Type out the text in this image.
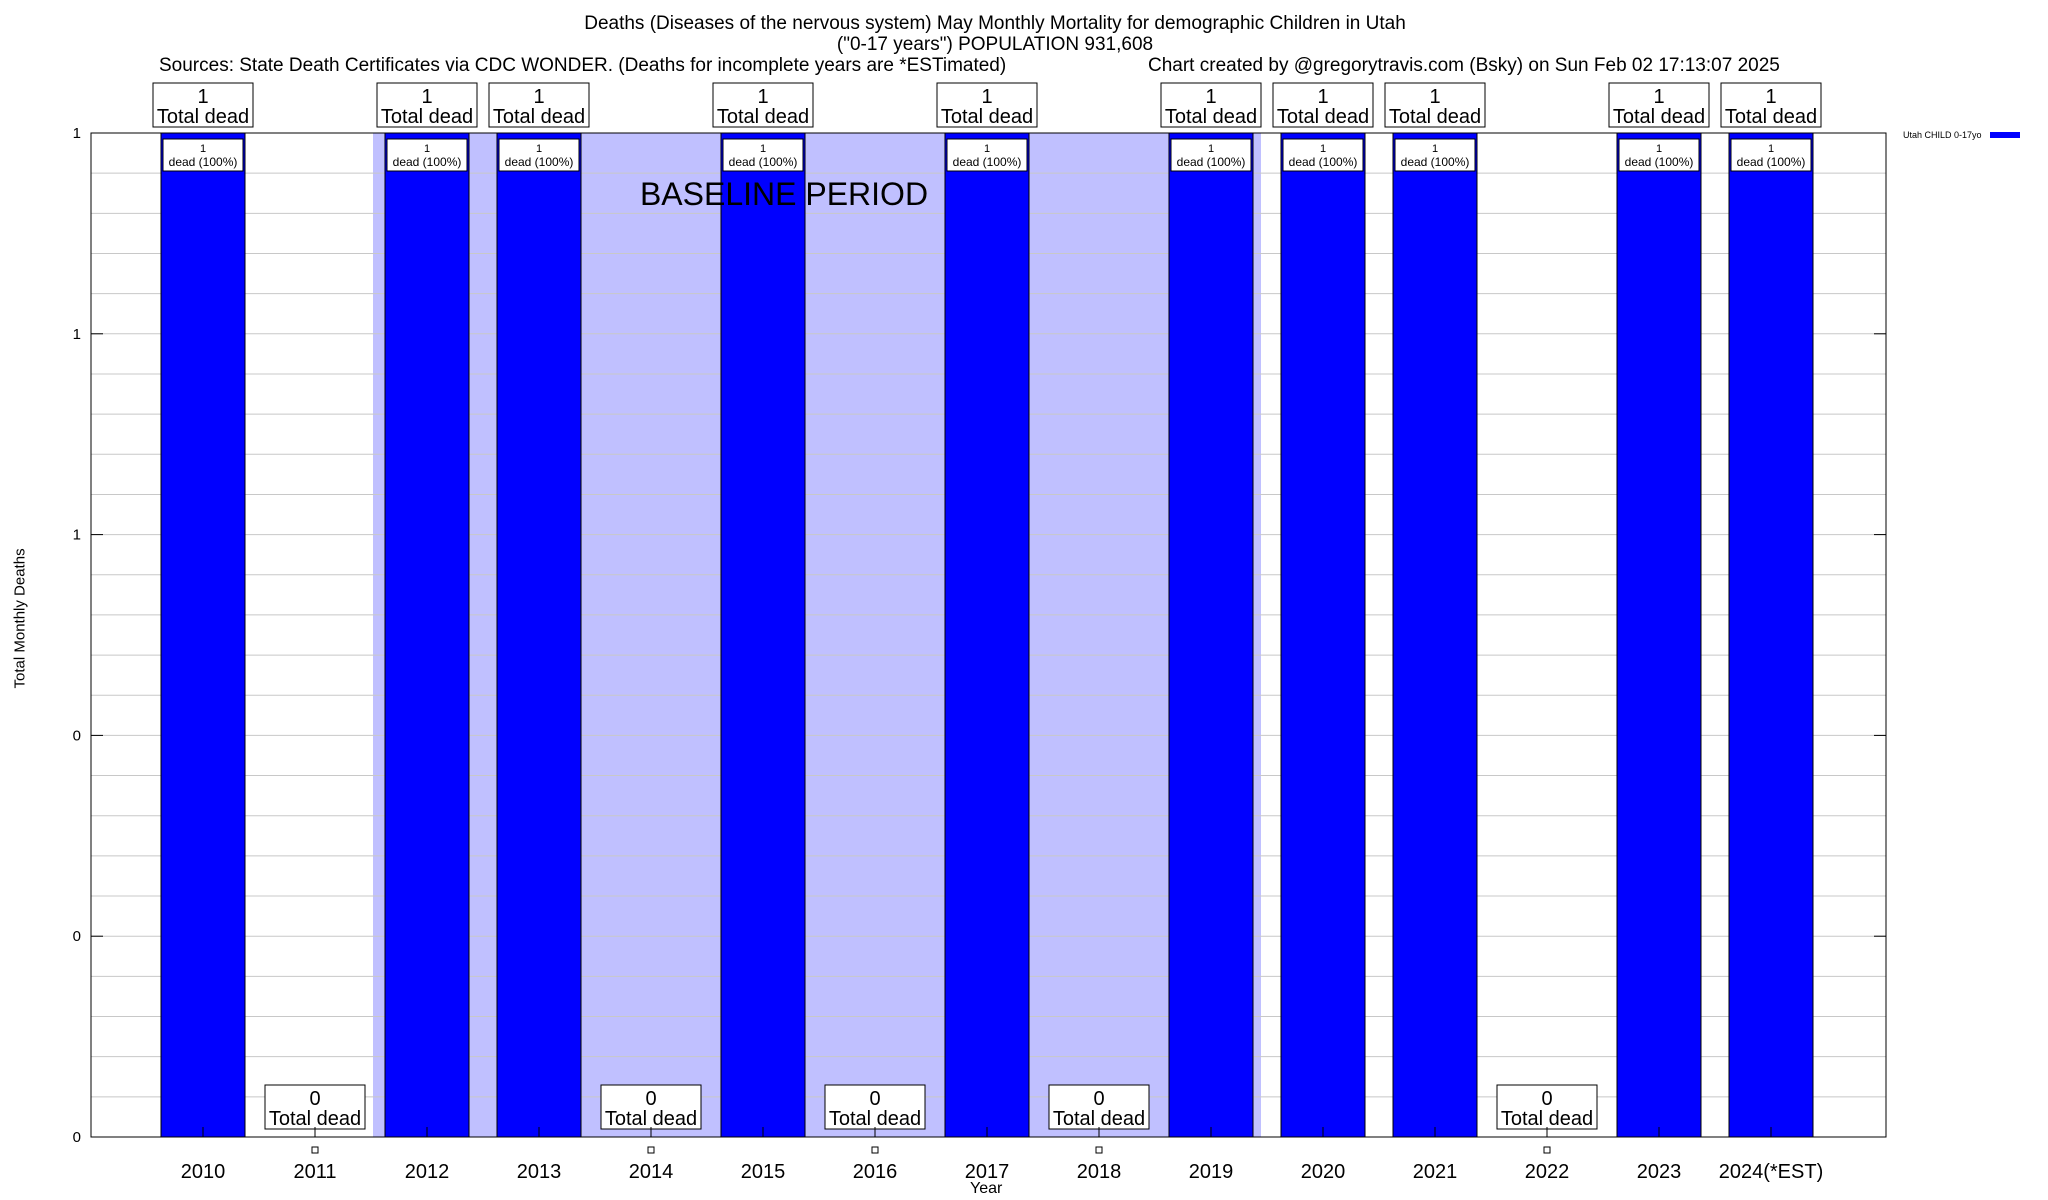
Deaths (Diseases of the nervous system) May Monthly Mortality for demographic Children in Utah
("0-17 years") POPULATION 931,608
Sources: State Death Certificates via CDC WONDER. (Deaths for incomplete years are *ESTimated)	Chart created by @gregorytravis.com (Bsky) on Sun Feb 02 17:13:07 2025
1
dead (100%)
1
Total dead
2010
0
Total dead
2011
1
dead (100%)
1
Total dead
2012
1
dead (100%)
1
Total dead
2013
0
Total dead
2014
1
dead (100%)
1
Total dead
2015
0
Total dead
2016
1
dead (100%)
1
Total dead
2017
0
Total dead
2018
1
dead (100%)
1
Total dead
2019
1
dead (100%)
1
Total dead
2020
1
dead (100%)
1
Total dead
2021
0
Total dead
2022
1
dead (100%)
1
Total dead
2023
1
dead (100%)
1
Total dead
2024(*EST)
BASELINE PERIOD
0
0
0
1
1
1
Total Monthly Deaths
Year
Utah CHILD 0-17yo
